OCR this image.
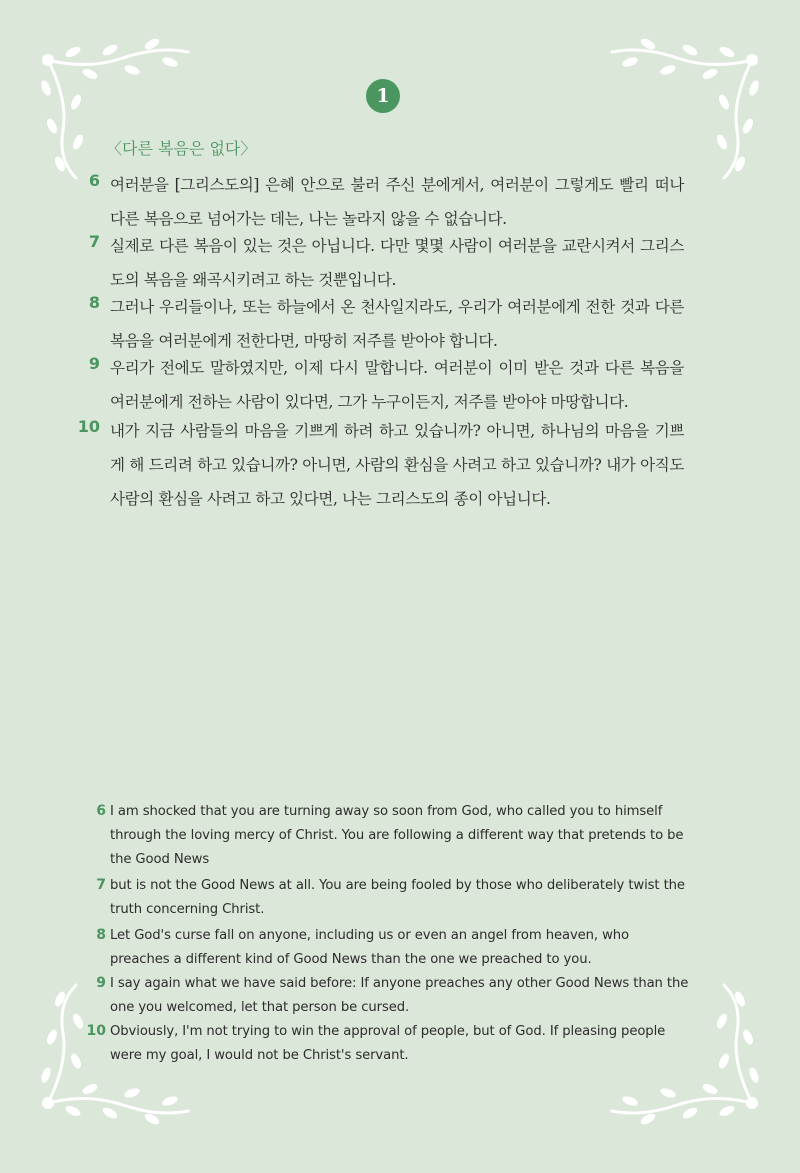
1
〈다른 복음은 없다〉
6 여러분을 [그리스도의] 은혜 안으로 불러 주신 분에게서, 여러분이 그렇게도 빨리 떠나 다른 복음으로 넘어가는 데는, 나는 놀라지 않을 수 없습니다.

7 실제로 다른 복음이 있는 것은 아닙니다. 다만 몇몇 사람이 여러분을 교란시켜서 그리스도의 복음을 왜곡시키려고 하는 것뿐입니다.

8 그러나 우리들이나, 또는 하늘에서 온 천사일지라도, 우리가 여러분에게 전한 것과 다른 복음을 여러분에게 전한다면, 마땅히 저주를 받아야 합니다.

9 우리가 전에도 말하였지만, 이제 다시 말합니다. 여러분이 이미 받은 것과 다른 복음을 여러분에게 전하는 사람이 있다면, 그가 누구이든지, 저주를 받아야 마땅합니다.

10 내가 지금 사람들의 마음을 기쁘게 하려 하고 있습니까? 아니면, 하나님의 마음을 기쁘게 해 드리려 하고 있습니까? 아니면, 사람의 환심을 사려고 하고 있습니까? 내가 아직도 사람의 환심을 사려고 하고 있다면, 나는 그리스도의 종이 아닙니다.

6 I am shocked that you are turning away so soon from God, who called you to himself through the loving mercy of Christ. You are following a different way that pretends to be the Good News

7 but is not the Good News at all. You are being fooled by those who deliberately twist the truth concerning Christ.

8 Let God's curse fall on anyone, including us or even an angel from heaven, who preaches a different kind of Good News than the one we preached to you.

9 I say again what we have said before: If anyone preaches any other Good News than the one you welcomed, let that person be cursed.

10 Obviously, I'm not trying to win the approval of people, but of God. If pleasing people were my goal, I would not be Christ's servant.
